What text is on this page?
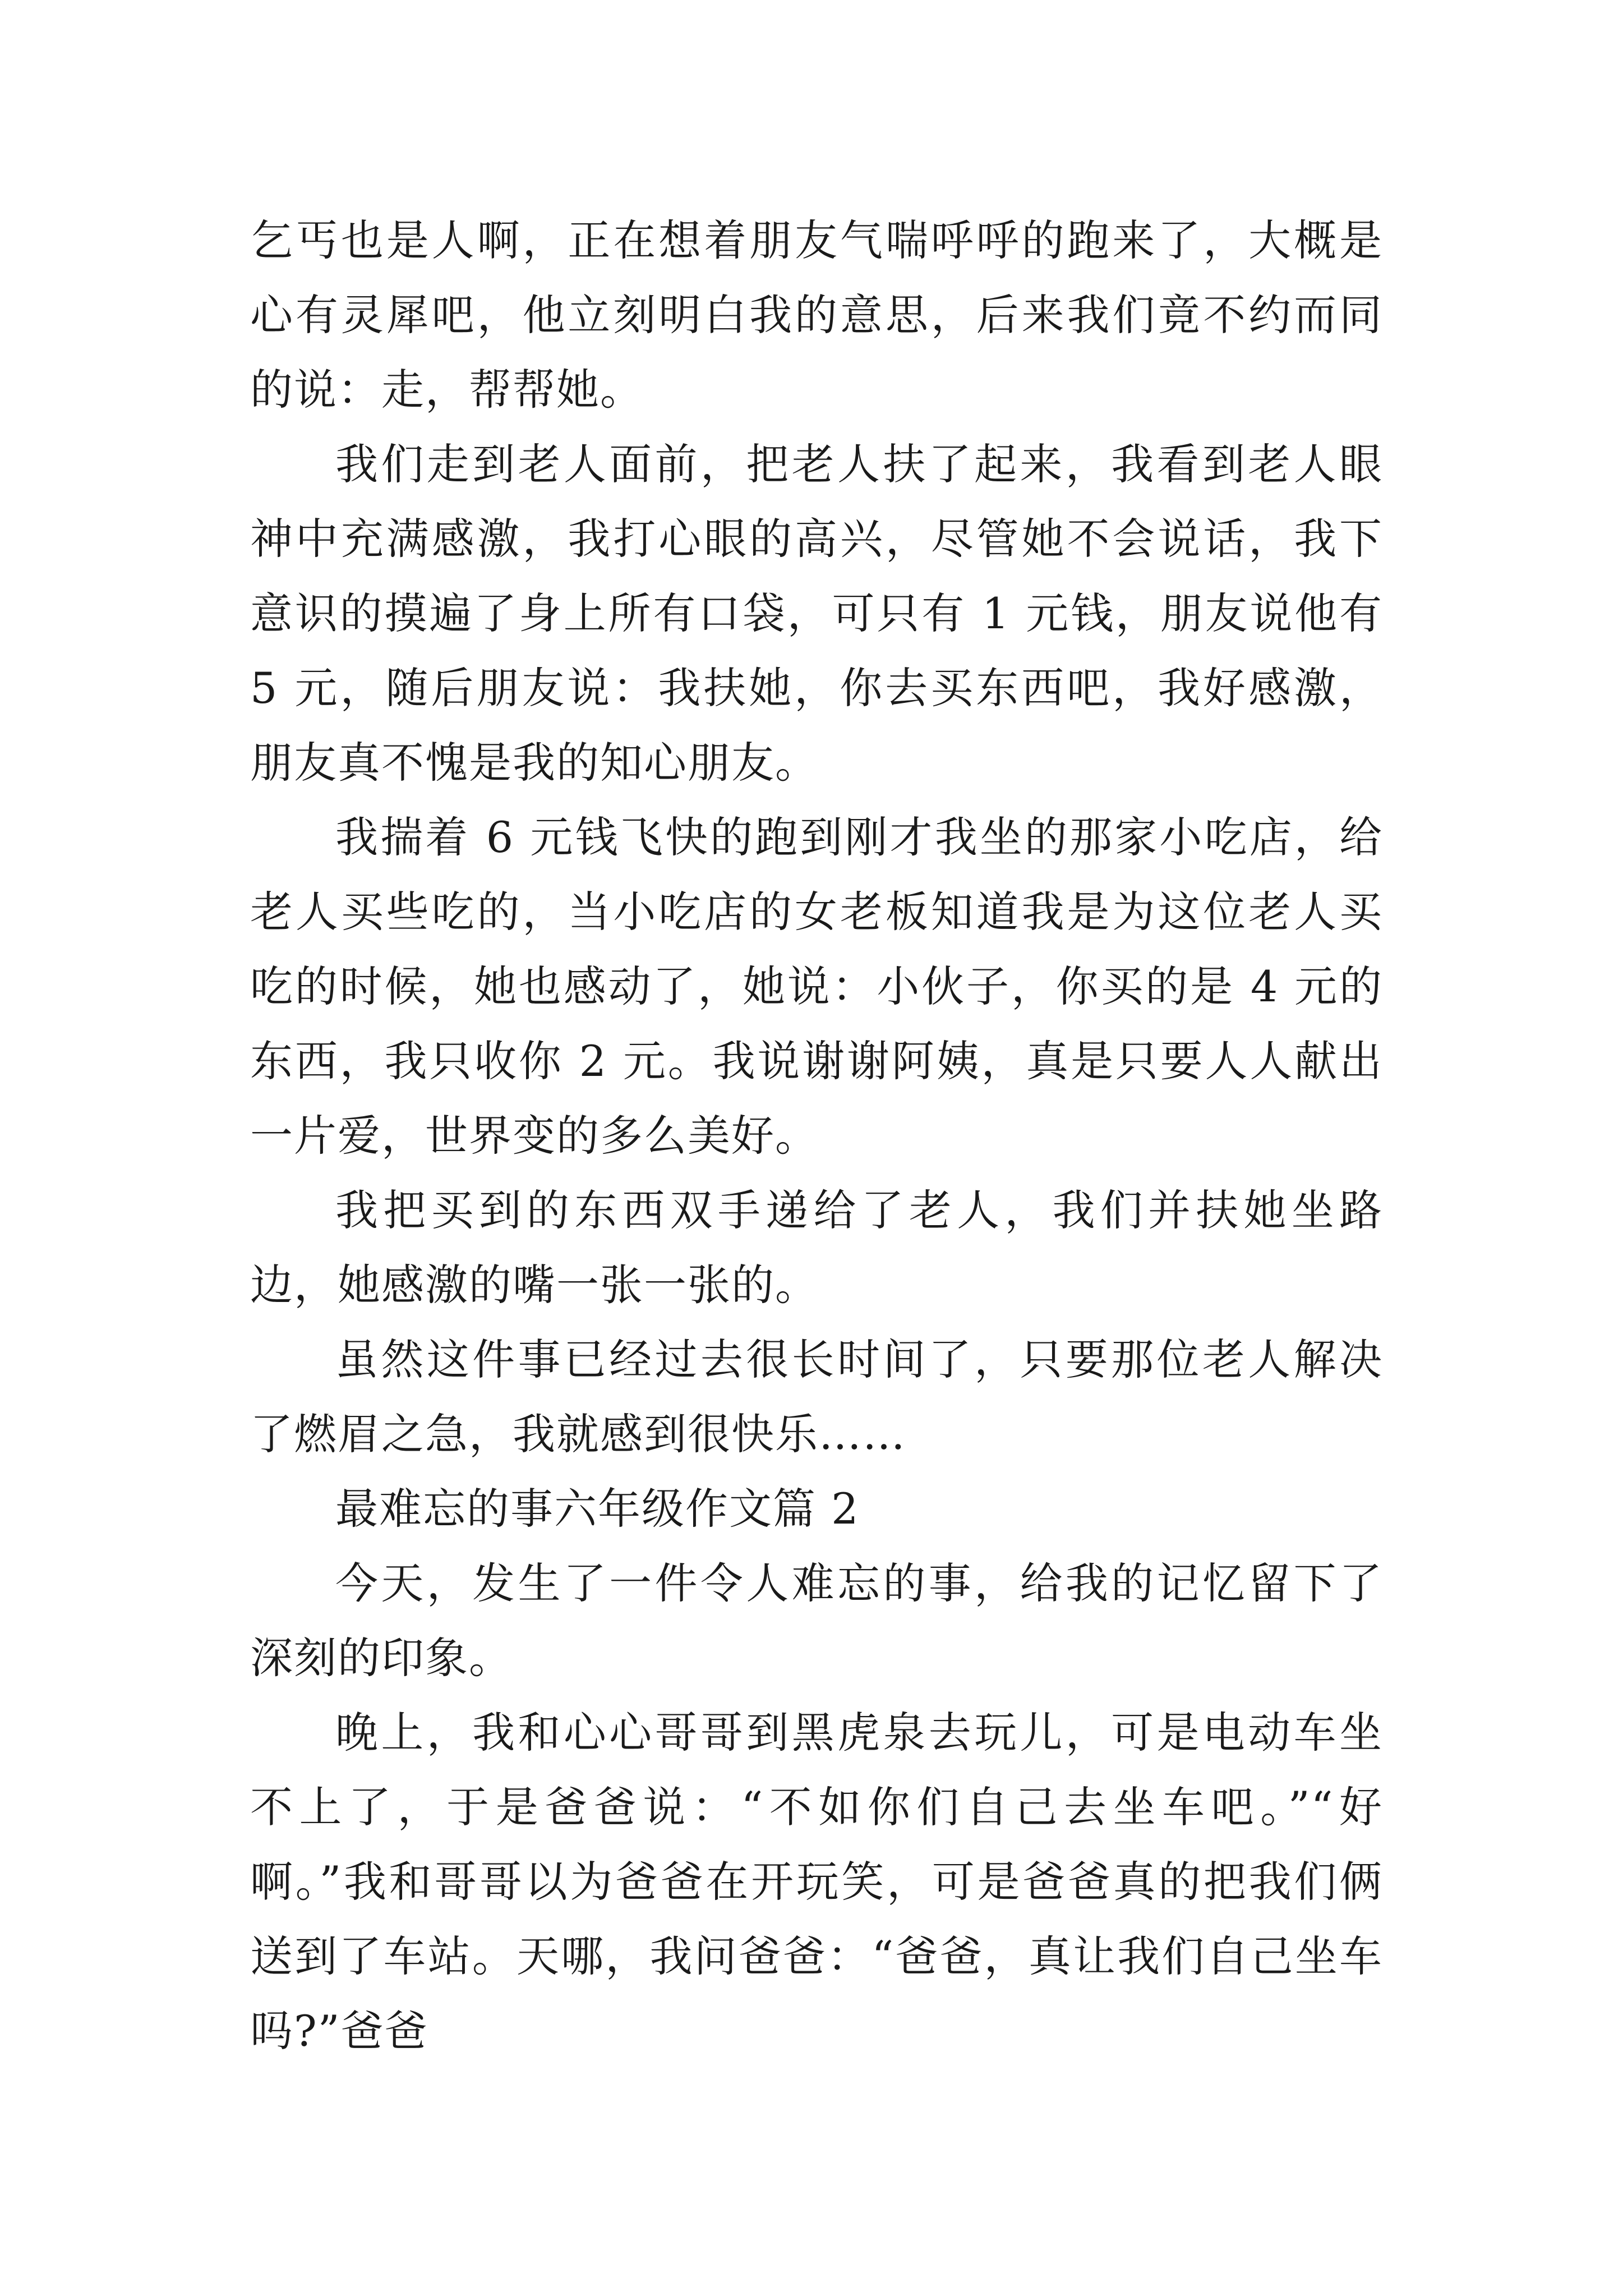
乞丐也是人啊，正在想着朋友气喘呼呼的跑来了，大概是心有灵犀吧，他立刻明白我的意思，后来我们竟不约而同的说：走，帮帮她。

我们走到老人面前，把老人扶了起来，我看到老人眼神中充满感激，我打心眼的高兴，尽管她不会说话，我下意识的摸遍了身上所有口袋，可只有 1 元钱，朋友说他有 5 元，随后朋友说：我扶她，你去买东西吧，我好感激，朋友真不愧是我的知心朋友。

我揣着 6 元钱飞快的跑到刚才我坐的那家小吃店，给老人买些吃的，当小吃店的女老板知道我是为这位老人买吃的时候，她也感动了，她说：小伙子，你买的是 4 元的东西，我只收你 2 元。我说谢谢阿姨，真是只要人人献出一片爱，世界变的多么美好。

我把买到的东西双手递给了老人，我们并扶她坐路边，她感激的嘴一张一张的。

虽然这件事已经过去很长时间了，只要那位老人解决了燃眉之急，我就感到很快乐……

最难忘的事六年级作文篇 2

今天，发生了一件令人难忘的事，给我的记忆留下了深刻的印象。

晚上，我和心心哥哥到黑虎泉去玩儿，可是电动车坐不上了，于是爸爸说：“不如你们自己去坐车吧。”“好啊。”我和哥哥以为爸爸在开玩笑，可是爸爸真的把我们俩送到了车站。天哪，我问爸爸：“爸爸，真让我们自己坐车吗?”爸爸
